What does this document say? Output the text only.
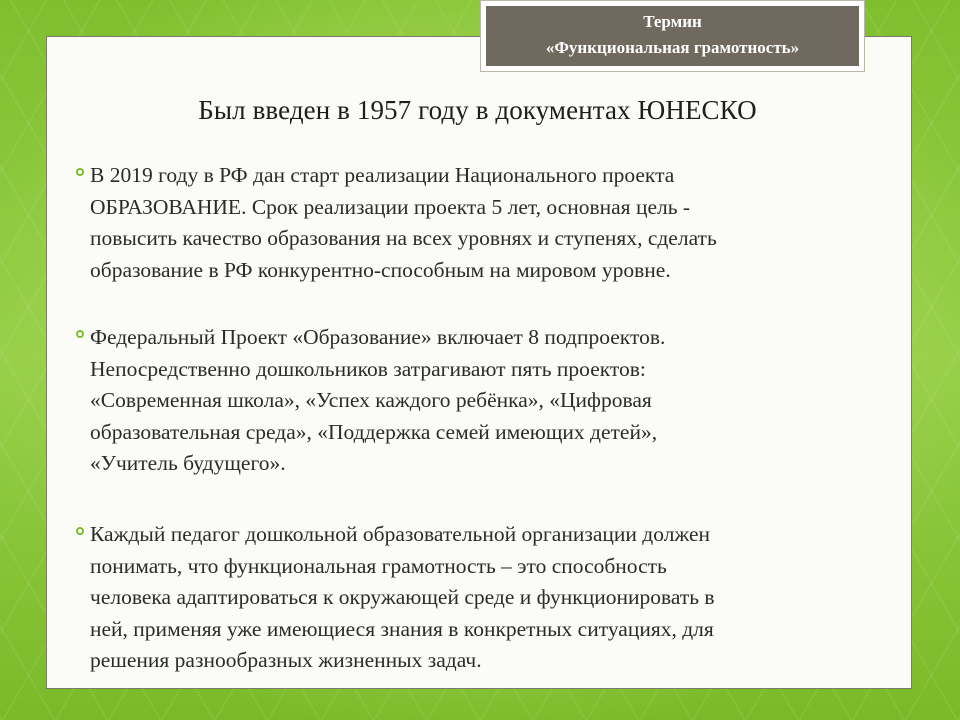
Термин
«Функциональная грамотность»
Был введен в 1957 году в документах ЮНЕСКО
В 2019 году в РФ дан старт реализации Национального проекта
ОБРАЗОВАНИЕ. Срок реализации проекта 5 лет, основная цель -
повысить качество образования на всех уровнях и ступенях, сделать
образование в РФ конкурентно-способным на мировом уровне.
Федеральный Проект «Образование» включает 8 подпроектов.
Непосредственно дошкольников затрагивают пять проектов:
«Современная школа», «Успех каждого ребёнка», «Цифровая
образовательная среда», «Поддержка семей имеющих детей»,
«Учитель будущего».
Каждый педагог дошкольной образовательной организации должен
понимать, что функциональная грамотность – это способность
человека адаптироваться к окружающей среде и функционировать в
ней, применяя уже имеющиеся знания в конкретных ситуациях, для
решения разнообразных жизненных задач.
